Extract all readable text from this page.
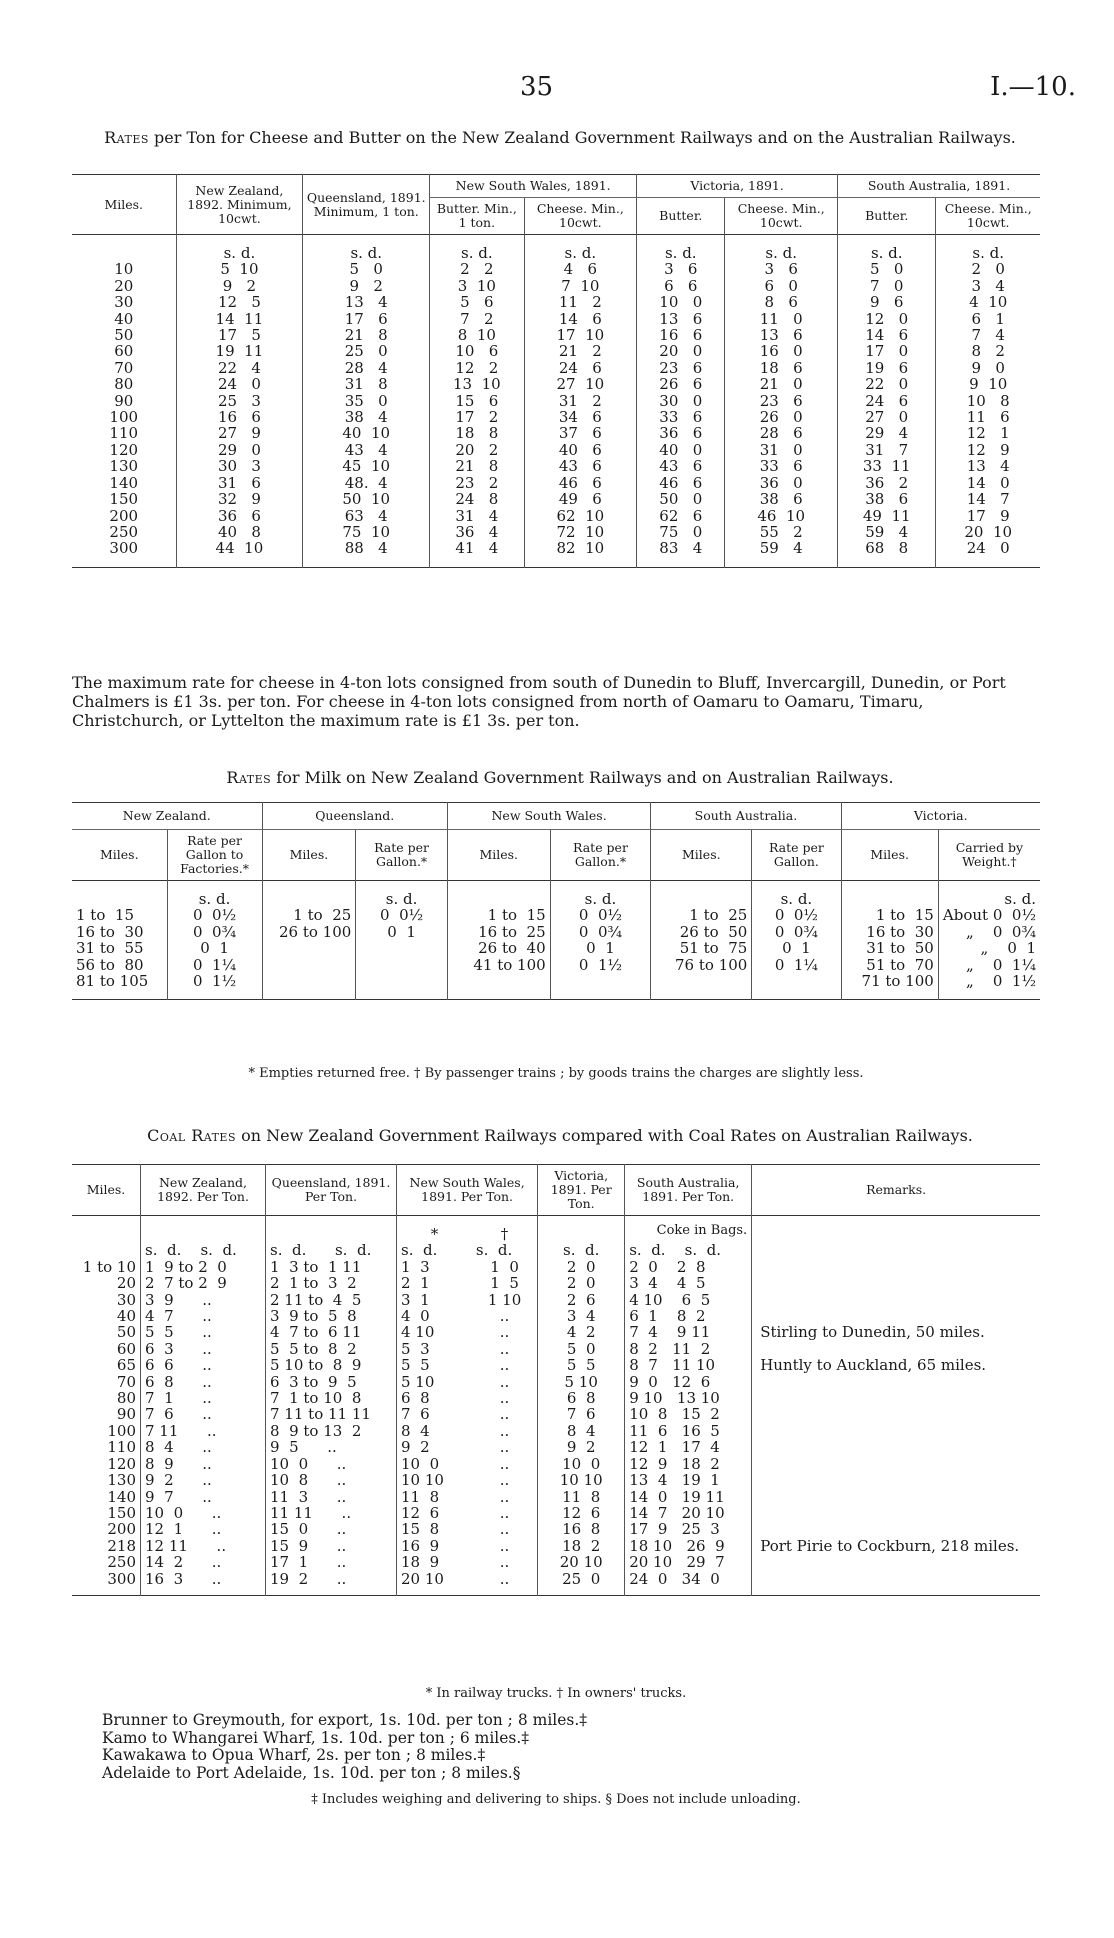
35	I.—10.
Rates per Ton for Cheese and Butter on the New Zealand Government Railways and on the Australian Railways.
Miles.	New Zealand, 1892. Minimum, 10cwt.	Queensland, 1891. Minimum, 1 ton.	New South Wales, 1891.		Victoria, 1891.		South Australia, 1891.	
			Butter. Min., 1 ton.	Cheese. Min., 10cwt.	Butter.	Cheese. Min., 10cwt.	Butter.	Cheese. Min., 10cwt.
	s. d.	s. d.	s. d.	s. d.	s. d.	s. d.	s. d.	s. d.
10	5  10	5   0	2   2	4   6	3   6	3   6	5   0	2   0
20	9   2	9   2	3  10	7  10	6   6	6   0	7   0	3   4
30	12   5	13   4	5   6	11   2	10   0	8   6	9   6	4  10
40	14  11	17   6	7   2	14   6	13   6	11   0	12   0	6   1
50	17   5	21   8	8  10	17  10	16   6	13   6	14   6	7   4
60	19  11	25   0	10   6	21   2	20   0	16   0	17   0	8   2
70	22   4	28   4	12   2	24   6	23   6	18   6	19   6	9   0
80	24   0	31   8	13  10	27  10	26   6	21   0	22   0	9  10
90	25   3	35   0	15   6	31   2	30   0	23   6	24   6	10   8
100	16   6	38   4	17   2	34   6	33   6	26   0	27   0	11   6
110	27   9	40  10	18   8	37   6	36   6	28   6	29   4	12   1
120	29   0	43   4	20   2	40   6	40   0	31   0	31   7	12   9
130	30   3	45  10	21   8	43   6	43   6	33   6	33  11	13   4
140	31   6	48.  4	23   2	46   6	46   6	36   0	36   2	14   0
150	32   9	50  10	24   8	49   6	50   0	38   6	38   6	14   7
200	36   6	63   4	31   4	62  10	62   6	46  10	49  11	17   9
250	40   8	75  10	36   4	72  10	75   0	55   2	59   4	20  10
300	44  10	88   4	41   4	82  10	83   4	59   4	68   8	24   0
The maximum rate for cheese in 4-ton lots consigned from south of Dunedin to Bluff, Invercargill, Dunedin, or Port Chalmers is £1 3s. per ton. For cheese in 4-ton lots consigned from north of Oamaru to Oamaru, Timaru, Christchurch, or Lyttelton the maximum rate is £1 3s. per ton.
Rates for Milk on New Zealand Government Railways and on Australian Railways.
New Zealand.		Queensland.		New South Wales.		South Australia.		Victoria.	
Miles.	Rate per Gallon to Factories.*	Miles.	Rate per Gallon.*	Miles.	Rate per Gallon.*	Miles.	Rate per Gallon.	Miles.	Carried by Weight.†
	s. d.		s. d.		s. d.		s. d.		s. d.
1 to  15	0  0½	1 to  25	0  0½	1 to  15	0  0½	1 to  25	0  0½	1 to  15	About 0  0½
16 to  30	0  0¾	26 to 100	0  1	16 to  25	0  0¾	26 to  50	0  0¾	16 to  30	„    0  0¾
31 to  55	0  1			26 to  40	0  1	51 to  75	0  1	31 to  50	„    0  1
56 to  80	0  1¼			41 to 100	0  1½	76 to 100	0  1¼	51 to  70	„    0  1¼
81 to 105	0  1½							71 to 100	„    0  1½
* Empties returned free. † By passenger trains ; by goods trains the charges are slightly less.
Coal Rates on New Zealand Government Railways compared with Coal Rates on Australian Railways.
Miles.	New Zealand, 1892. Per Ton.	Queensland, 1891. Per Ton.	New South Wales, 1891. Per Ton.		Victoria, 1891. Per Ton.	South Australia, 1891. Per Ton.	Remarks.
			*	†		Coke in Bags.	
	s.  d.    s.  d.	s.  d.      s.  d.	s.  d.	s.  d.	s.  d.	s.  d.    s.  d.	
1 to 10	1  9 to 2  0	1  3 to  1 11	1  3	1  0	2  0	2  0    2  8	
20	2  7 to 2  9	2  1 to  3  2	2  1	1  5	2  0	3  4    4  5	
30	3  9      ..	2 11 to  4  5	3  1	1 10	2  6	4 10    6  5	
40	4  7      ..	3  9 to  5  8	4  0	..	3  4	6  1    8  2	
50	5  5      ..	4  7 to  6 11	4 10	..	4  2	7  4    9 11	Stirling to Dunedin, 50 miles.
60	6  3      ..	5  5 to  8  2	5  3	..	5  0	8  2   11  2	
65	6  6      ..	5 10 to  8  9	5  5	..	5  5	8  7   11 10	Huntly to Auckland, 65 miles.
70	6  8      ..	6  3 to  9  5	5 10	..	5 10	9  0   12  6	
80	7  1      ..	7  1 to 10  8	6  8	..	6  8	9 10   13 10	
90	7  6      ..	7 11 to 11 11	7  6	..	7  6	10  8   15  2	
100	7 11      ..	8  9 to 13  2	8  4	..	8  4	11  6   16  5	
110	8  4      ..	9  5      ..	9  2	..	9  2	12  1   17  4	
120	8  9      ..	10  0      ..	10  0	..	10  0	12  9   18  2	
130	9  2      ..	10  8      ..	10 10	..	10 10	13  4   19  1	
140	9  7      ..	11  3      ..	11  8	..	11  8	14  0   19 11	
150	10  0      ..	11 11      ..	12  6	..	12  6	14  7   20 10	
200	12  1      ..	15  0      ..	15  8	..	16  8	17  9   25  3	
218	12 11      ..	15  9      ..	16  9	..	18  2	18 10   26  9	Port Pirie to Cockburn, 218 miles.
250	14  2      ..	17  1      ..	18  9	..	20 10	20 10   29  7	
300	16  3      ..	19  2      ..	20 10	..	25  0	24  0   34  0	
* In railway trucks. † In owners' trucks.
Brunner to Greymouth, for export, 1s. 10d. per ton ; 8 miles.‡
Kamo to Whangarei Wharf, 1s. 10d. per ton ; 6 miles.‡
Kawakawa to Opua Wharf, 2s. per ton ; 8 miles.‡
Adelaide to Port Adelaide, 1s. 10d. per ton ; 8 miles.§
‡ Includes weighing and delivering to ships. § Does not include unloading.
